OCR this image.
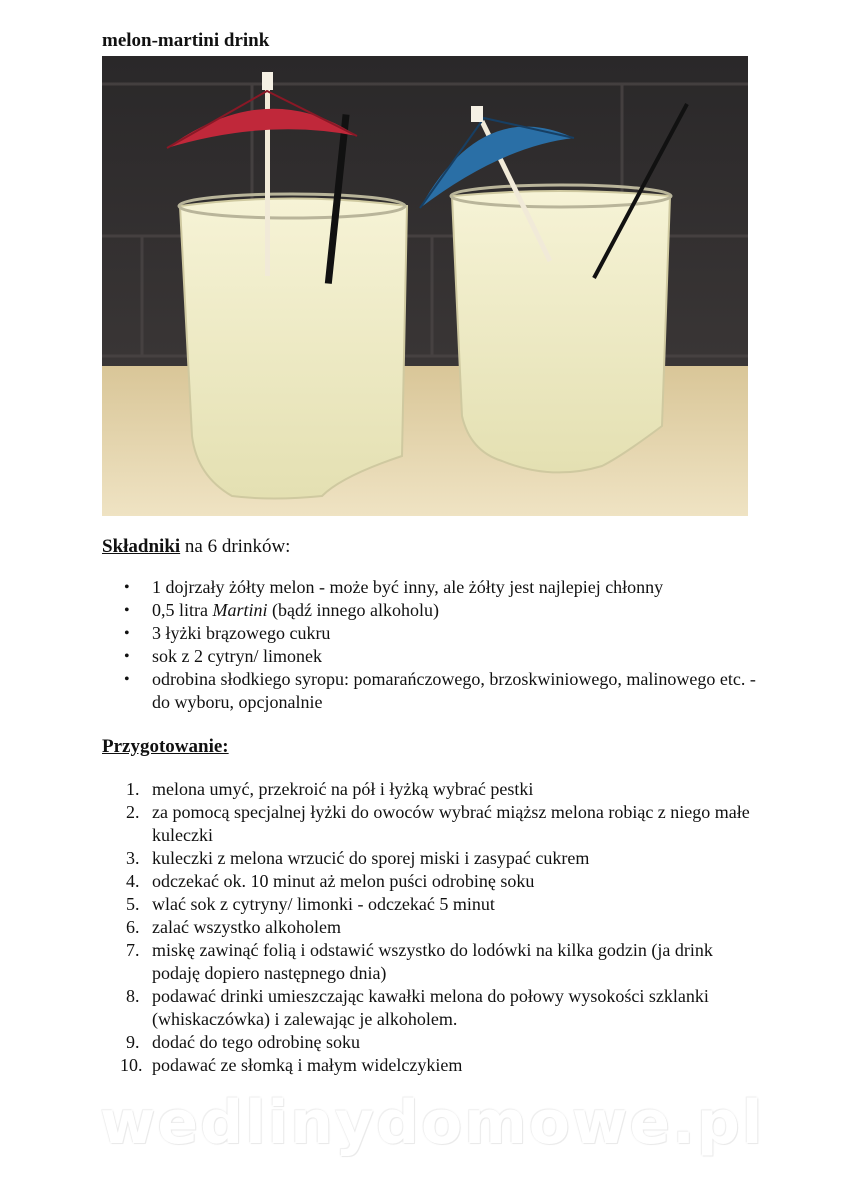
melon-martini drink
Składniki na 6 drinków:
• 1 dojrzały żółty melon - może być inny, ale żółty jest najlepiej chłonny
• 0,5 litra Martini (bądź innego alkoholu)
• 3 łyżki brązowego cukru
• sok z 2 cytryn/ limonek
• odrobina słodkiego syropu: pomarańczowego, brzoskwiniowego, malinowego etc. - do wyboru, opcjonalnie
Przygotowanie:
1. melona umyć, przekroić na pół i łyżką wybrać pestki
2. za pomocą specjalnej łyżki do owoców wybrać miąższ melona robiąc z niego małe kuleczki
3. kuleczki z melona wrzucić do sporej miski i zasypać cukrem
4. odczekać ok. 10 minut aż melon puści odrobinę soku
5. wlać sok z cytryny/ limonki - odczekać 5 minut
6. zalać wszystko alkoholem
7. miskę zawinąć folią i odstawić wszystko do lodówki na kilka godzin (ja drink podaję dopiero następnego dnia)
8. podawać drinki umieszczając kawałki melona do połowy wysokości szklanki (whiskaczówka) i zalewając je alkoholem.
9. dodać do tego odrobinę soku
10. podawać ze słomką i małym widelczykiem
wedlinydomowe.pl
